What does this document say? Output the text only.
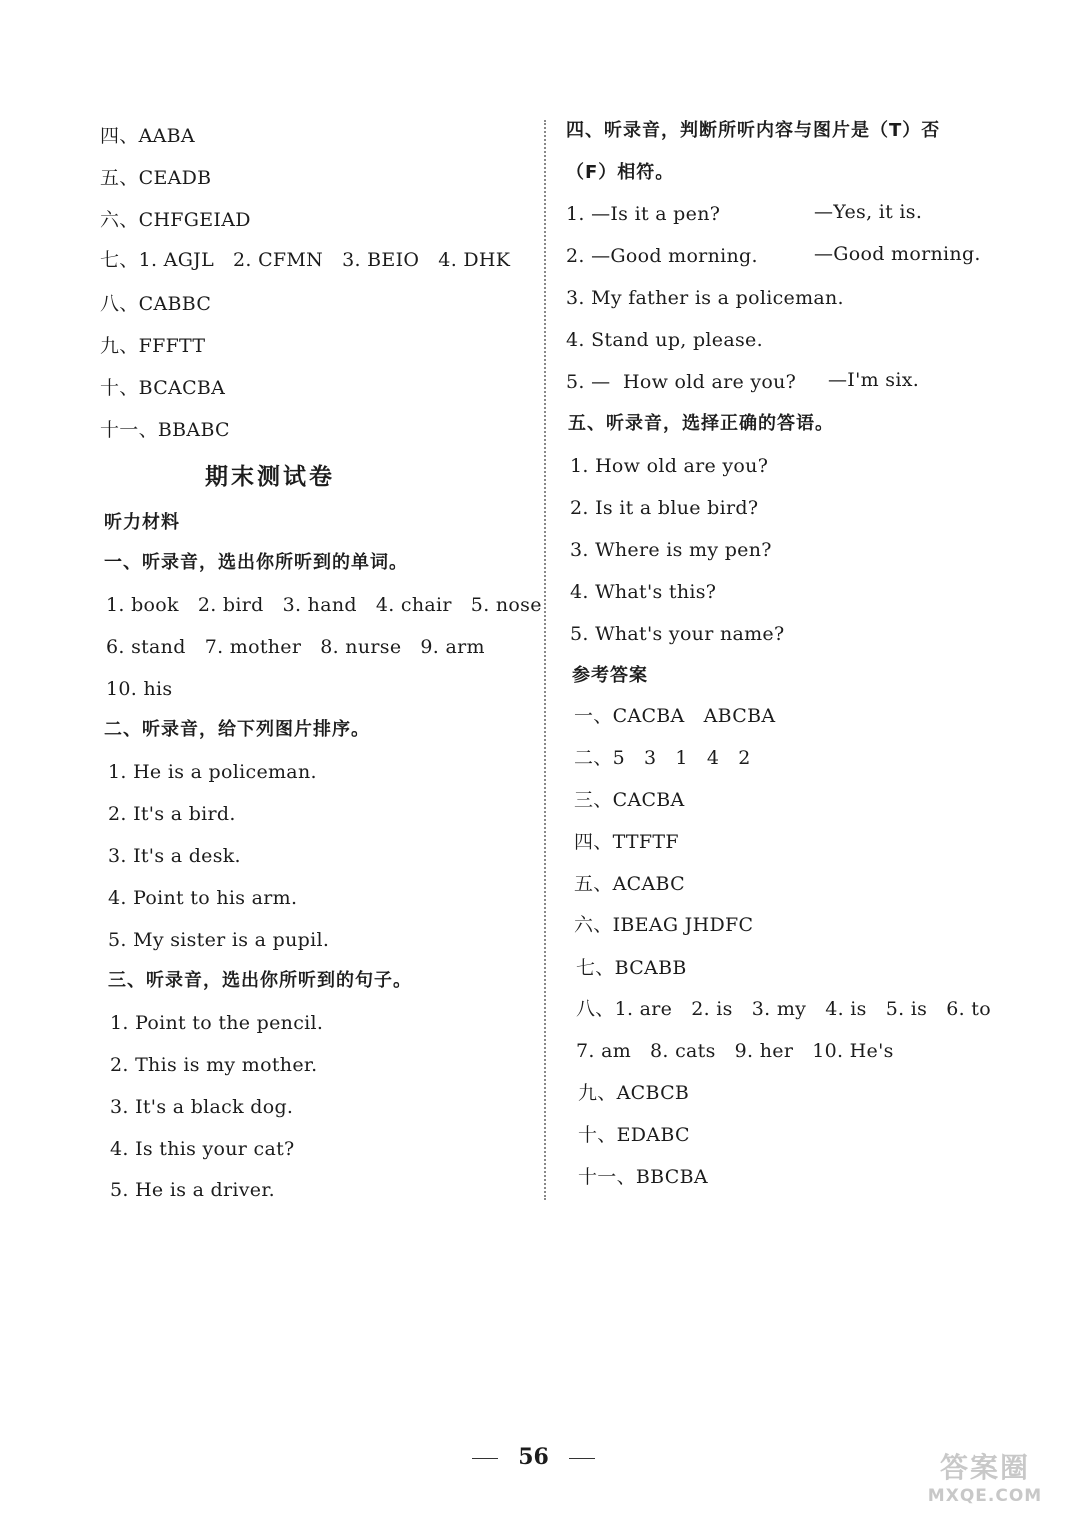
四、AABA
五、CEADB
六、CHFGEIAD
七、1. AGJL   2. CFMN   3. BEIO   4. DHK
八、CABBC
九、FFFTT
十、BCACBA
十一、BBABC
期末测试卷
听力材料
一、听录音，选出你所听到的单词。
1. book   2. bird   3. hand   4. chair   5. nose
6. stand   7. mother   8. nurse   9. arm
10. his
二、听录音，给下列图片排序。
1. He is a policeman.
2. It's a bird.
3. It's a desk.
4. Point to his arm.
5. My sister is a pupil.
三、听录音，选出你所听到的句子。
1. Point to the pencil.
2. This is my mother.
3. It's a black dog.
4. Is this your cat?
5. He is a driver.
四、听录音，判断所听内容与图片是（T）否
（F）相符。
1. —Is it a pen?	—Yes, it is.
2. —Good morning.	—Good morning.
3. My father is a policeman.
4. Stand up, please.
5. —  How old are you? —I'm six.
五、听录音，选择正确的答语。
1. How old are you?
2. Is it a blue bird?
3. Where is my pen?
4. What's this?
5. What's your name?
参考答案
一、CACBA   ABCBA
二、5   3   1   4   2
三、CACBA
四、TTFTF
五、ACABC
六、IBEAG JHDFC
七、BCABB
八、1. are   2. is   3. my   4. is   5. is   6. to
7. am   8. cats   9. her   10. He's
九、ACBCB
十、EDABC
十一、BBCBA
56	答案圈
MXQE.COM
